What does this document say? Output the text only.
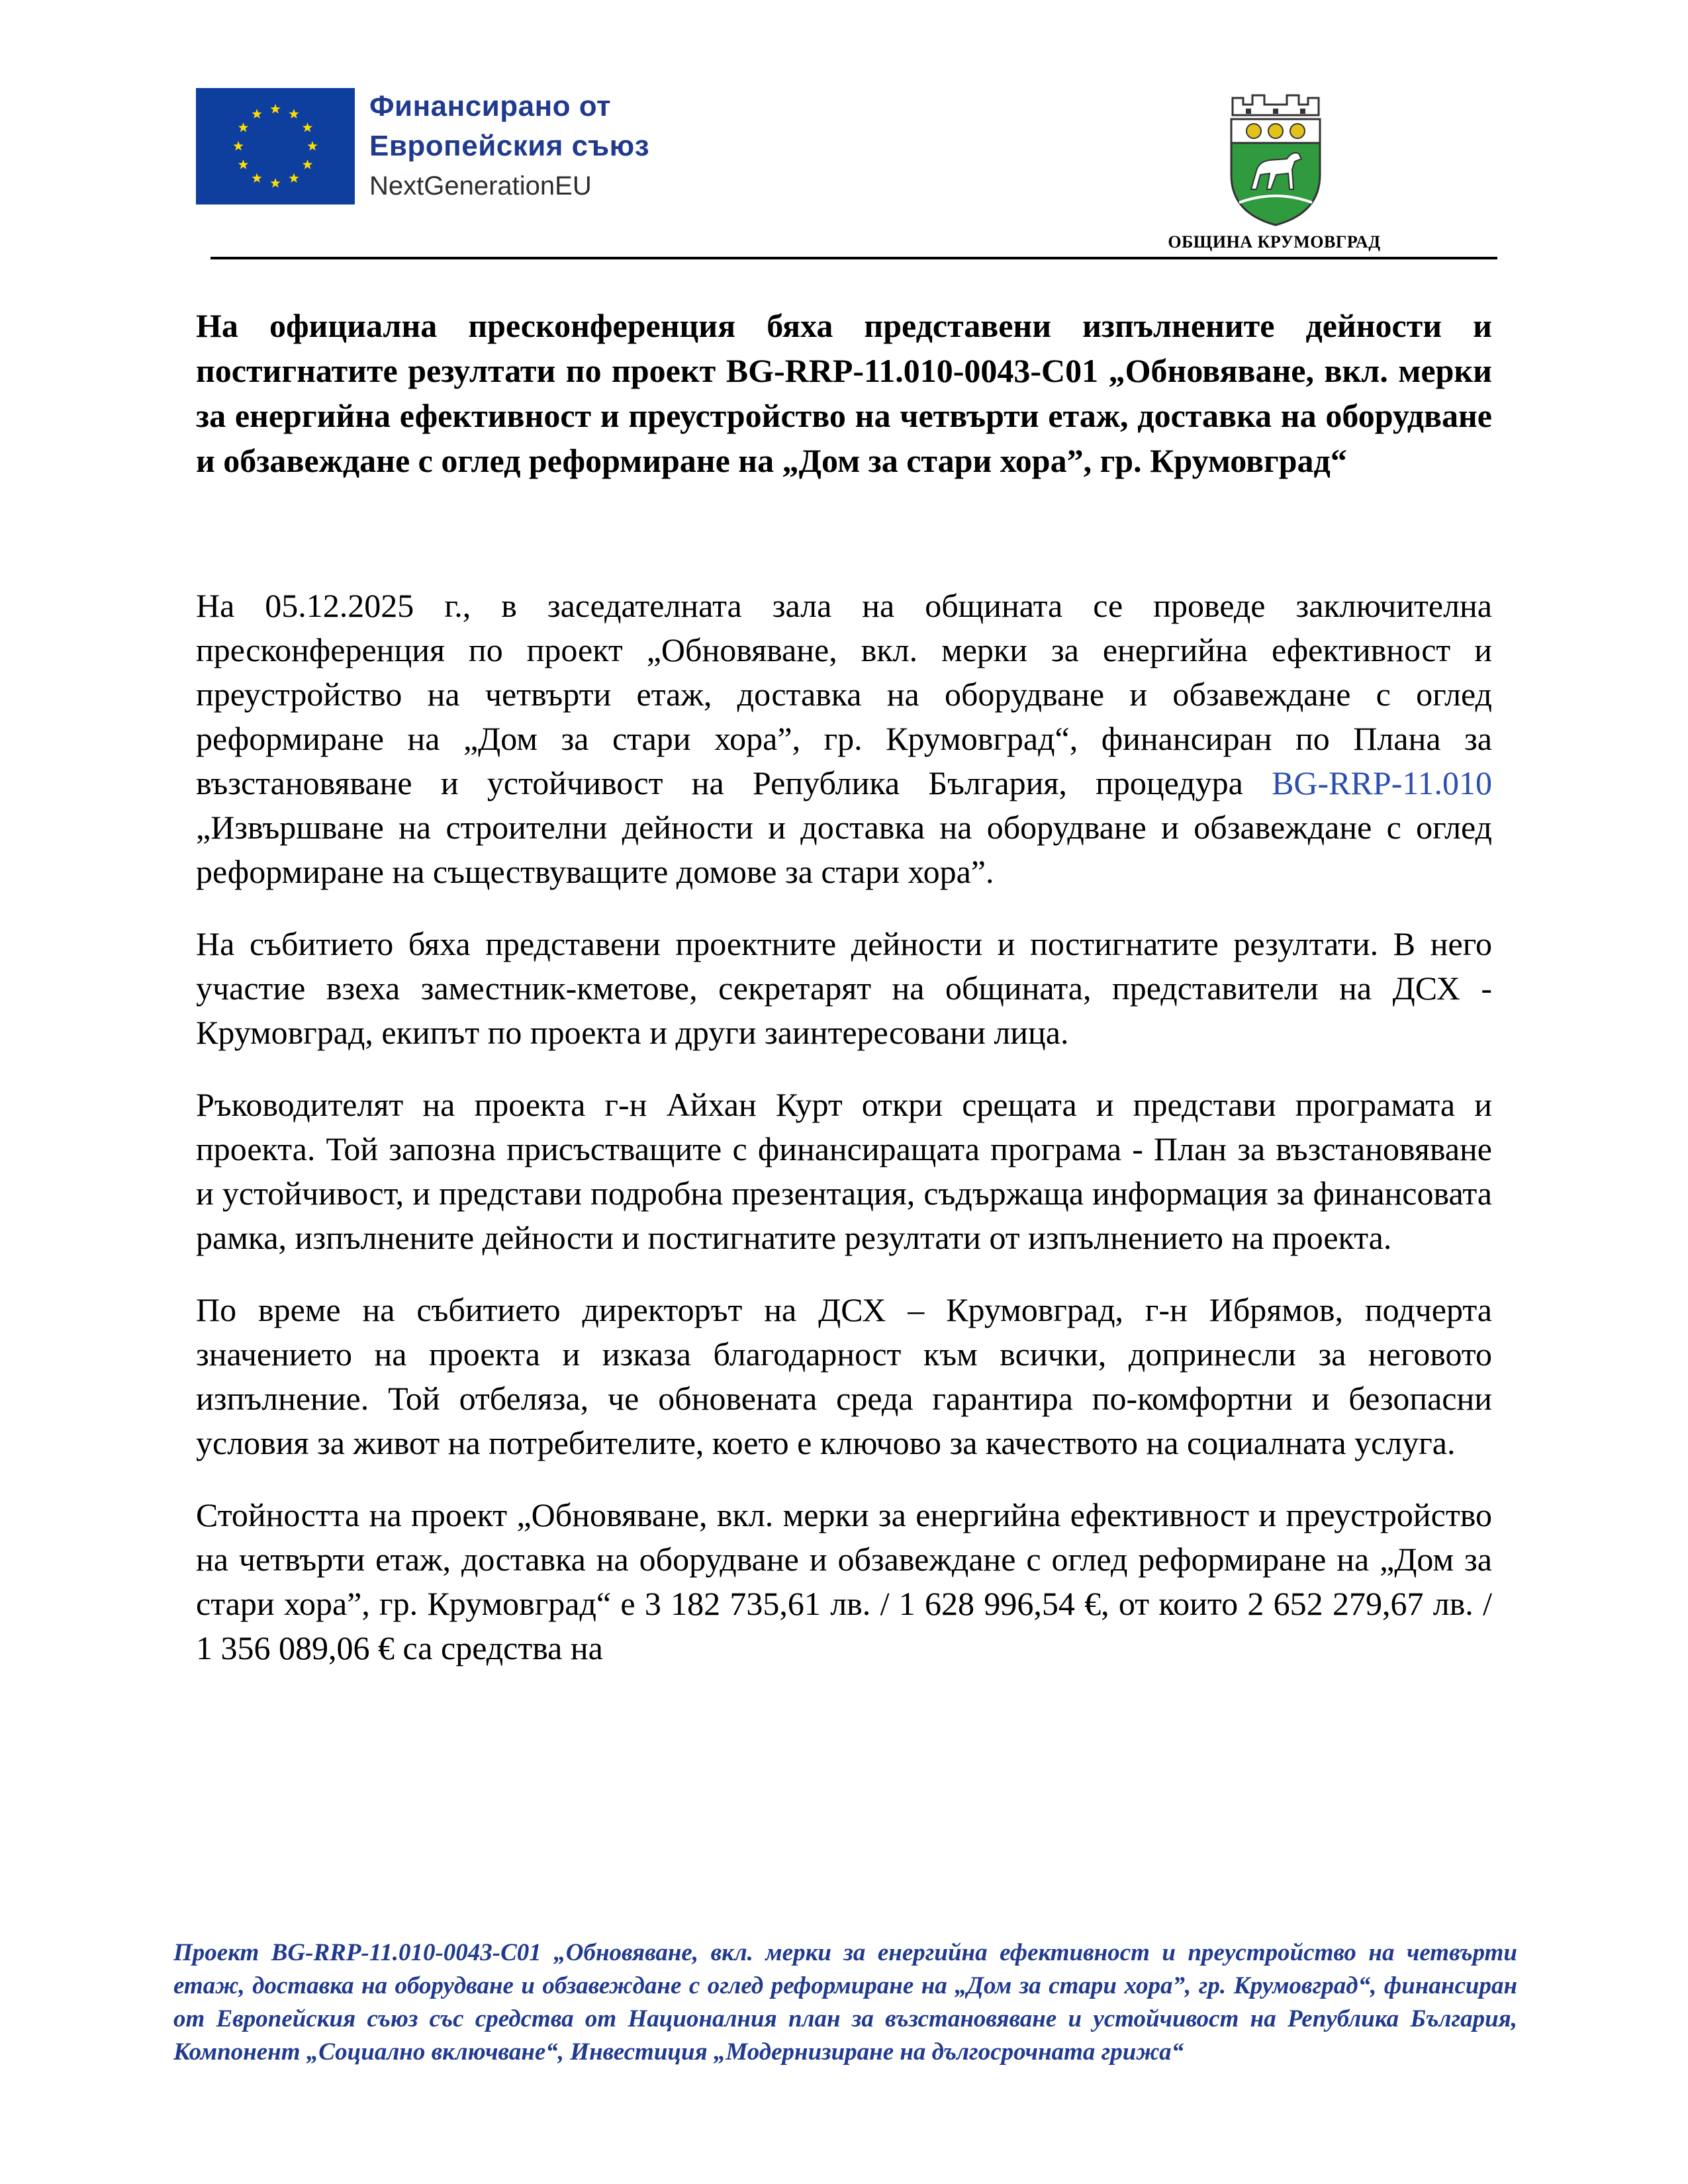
Финансирано от
Европейския съюз
NextGenerationEU
ОБЩИНА КРУМОВГРАД
На официална пресконференция бяха представени изпълнените дейности и постигнатите резултати по проект BG-RRP-11.010-0043-C01 „Обновяване, вкл. мерки за енергийна ефективност и преустройство на четвърти етаж, доставка на оборудване и обзавеждане с оглед реформиране на „Дом за стари хора”, гр. Крумовград“

На 05.12.2025 г., в заседателната зала на общината се проведе заключителна пресконференция по проект „Обновяване, вкл. мерки за енергийна ефективност и преустройство на четвърти етаж, доставка на оборудване и обзавеждане с оглед реформиране на „Дом за стари хора”, гр. Крумовград“, финансиран по Плана за възстановяване и устойчивост на Република България, процедура BG-RRP-11.010 „Извършване на строителни дейности и доставка на оборудване и обзавеждане с оглед реформиране на съществуващите домове за стари хора”.

На събитието бяха представени проектните дейности и постигнатите резултати. В него участие взеха заместник-кметове, секретарят на общината, представители на ДСХ - Крумовград, екипът по проекта и други заинтересовани лица.

Ръководителят на проекта г-н Айхан Курт откри срещата и представи програмата и проекта. Той запозна присъстващите с финансиращата програма - План за възстановяване и устойчивост, и представи подробна презентация, съдържаща информация за финансовата рамка, изпълнените дейности и постигнатите резултати от изпълнението на проекта.

По време на събитието директорът на ДСХ – Крумовград, г-н Ибрямов, подчерта значението на проекта и изказа благодарност към всички, допринесли за неговото изпълнение. Той отбеляза, че обновената среда гарантира по-комфортни и безопасни условия за живот на потребителите, което е ключово за качеството на социалната услуга.

Стойността на проект „Обновяване, вкл. мерки за енергийна ефективност и преустройство на четвърти етаж, доставка на оборудване и обзавеждане с оглед реформиране на „Дом за стари хора”, гр. Крумовград“ е 3 182 735,61 лв. / 1 628 996,54 €, от които 2 652 279,67 лв. / 1 356 089,06 € са средства на

Проект BG-RRP-11.010-0043-C01 „Обновяване, вкл. мерки за енергийна ефективност и преустройство на четвърти етаж, доставка на оборудване и обзавеждане с оглед реформиране на „Дом за стари хора”, гр. Крумовград“, финансиран от Европейския съюз със средства от Националния план за възстановяване и устойчивост на Република България, Компонент „Социално включване“, Инвестиция „Модернизиране на дългосрочната грижа“
